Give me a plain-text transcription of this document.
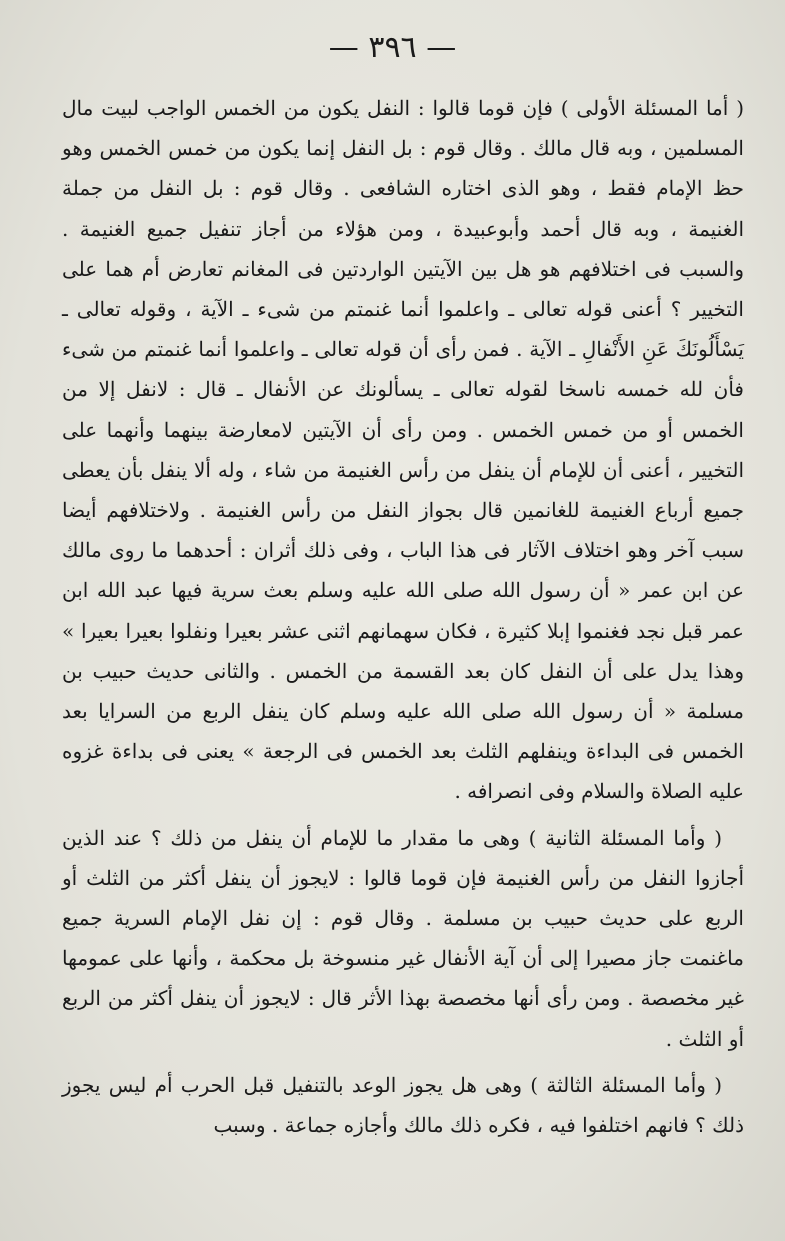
— ٣٩٦ —

( أما المسئلة الأولى ) فإن قوما قالوا : النفل يكون من الخمس الواجب لبيت مال المسلمين ، وبه قال مالك . وقال قوم : بل النفل إنما يكون من خمس الخمس وهو حظ الإمام فقط ، وهو الذى اختاره الشافعى . وقال قوم : بل النفل من جملة الغنيمة ، وبه قال أحمد وأبوعبيدة ، ومن هؤلاء من أجاز تنفيل جميع الغنيمة . والسبب فى اختلافهم هو هل بين الآيتين الواردتين فى المغانم تعارض أم هما على التخيير ؟ أعنى قوله تعالى ـ واعلموا أنما غنمتم من شىء ـ الآية ، وقوله تعالى ـ يَسْأَلُونَكَ عَنِ الأَنْفالِ ـ الآية . فمن رأى أن قوله تعالى ـ واعلموا أنما غنمتم من شىء فأن لله خمسه ناسخا لقوله تعالى ـ يسألونك عن الأنفال ـ قال : لانفل إلا من الخمس أو من خمس الخمس . ومن رأى أن الآيتين لامعارضة بينهما وأنهما على التخيير ، أعنى أن للإمام أن ينفل من رأس الغنيمة من شاء ، وله ألا ينفل بأن يعطى جميع أرباع الغنيمة للغانمين قال بجواز النفل من رأس الغنيمة . ولاختلافهم أيضا سبب آخر وهو اختلاف الآثار فى هذا الباب ، وفى ذلك أثران : أحدهما ما روى مالك عن ابن عمر « أن رسول الله صلى الله عليه وسلم بعث سرية فيها عبد الله ابن عمر قبل نجد فغنموا إبلا كثيرة ، فكان سهمانهم اثنى عشر بعيرا ونفلوا بعيرا بعيرا » وهذا يدل على أن النفل كان بعد القسمة من الخمس . والثانى حديث حبيب بن مسلمة « أن رسول الله صلى الله عليه وسلم كان ينفل الربع من السرايا بعد الخمس فى البداءة وينفلهم الثلث بعد الخمس فى الرجعة » يعنى فى بداءة غزوه عليه الصلاة والسلام وفى انصرافه .

( وأما المسئلة الثانية ) وهى ما مقدار ما للإمام أن ينفل من ذلك ؟ عند الذين أجازوا النفل من رأس الغنيمة فإن قوما قالوا : لايجوز أن ينفل أكثر من الثلث أو الربع على حديث حبيب بن مسلمة . وقال قوم : إن نفل الإمام السرية جميع ماغنمت جاز مصيرا إلى أن آية الأنفال غير منسوخة بل محكمة ، وأنها على عمومها غير مخصصة . ومن رأى أنها مخصصة بهذا الأثر قال : لايجوز أن ينفل أكثر من الربع أو الثلث .

( وأما المسئلة الثالثة ) وهى هل يجوز الوعد بالتنفيل قبل الحرب أم ليس يجوز ذلك ؟ فانهم اختلفوا فيه ، فكره ذلك مالك وأجازه جماعة . وسبب
